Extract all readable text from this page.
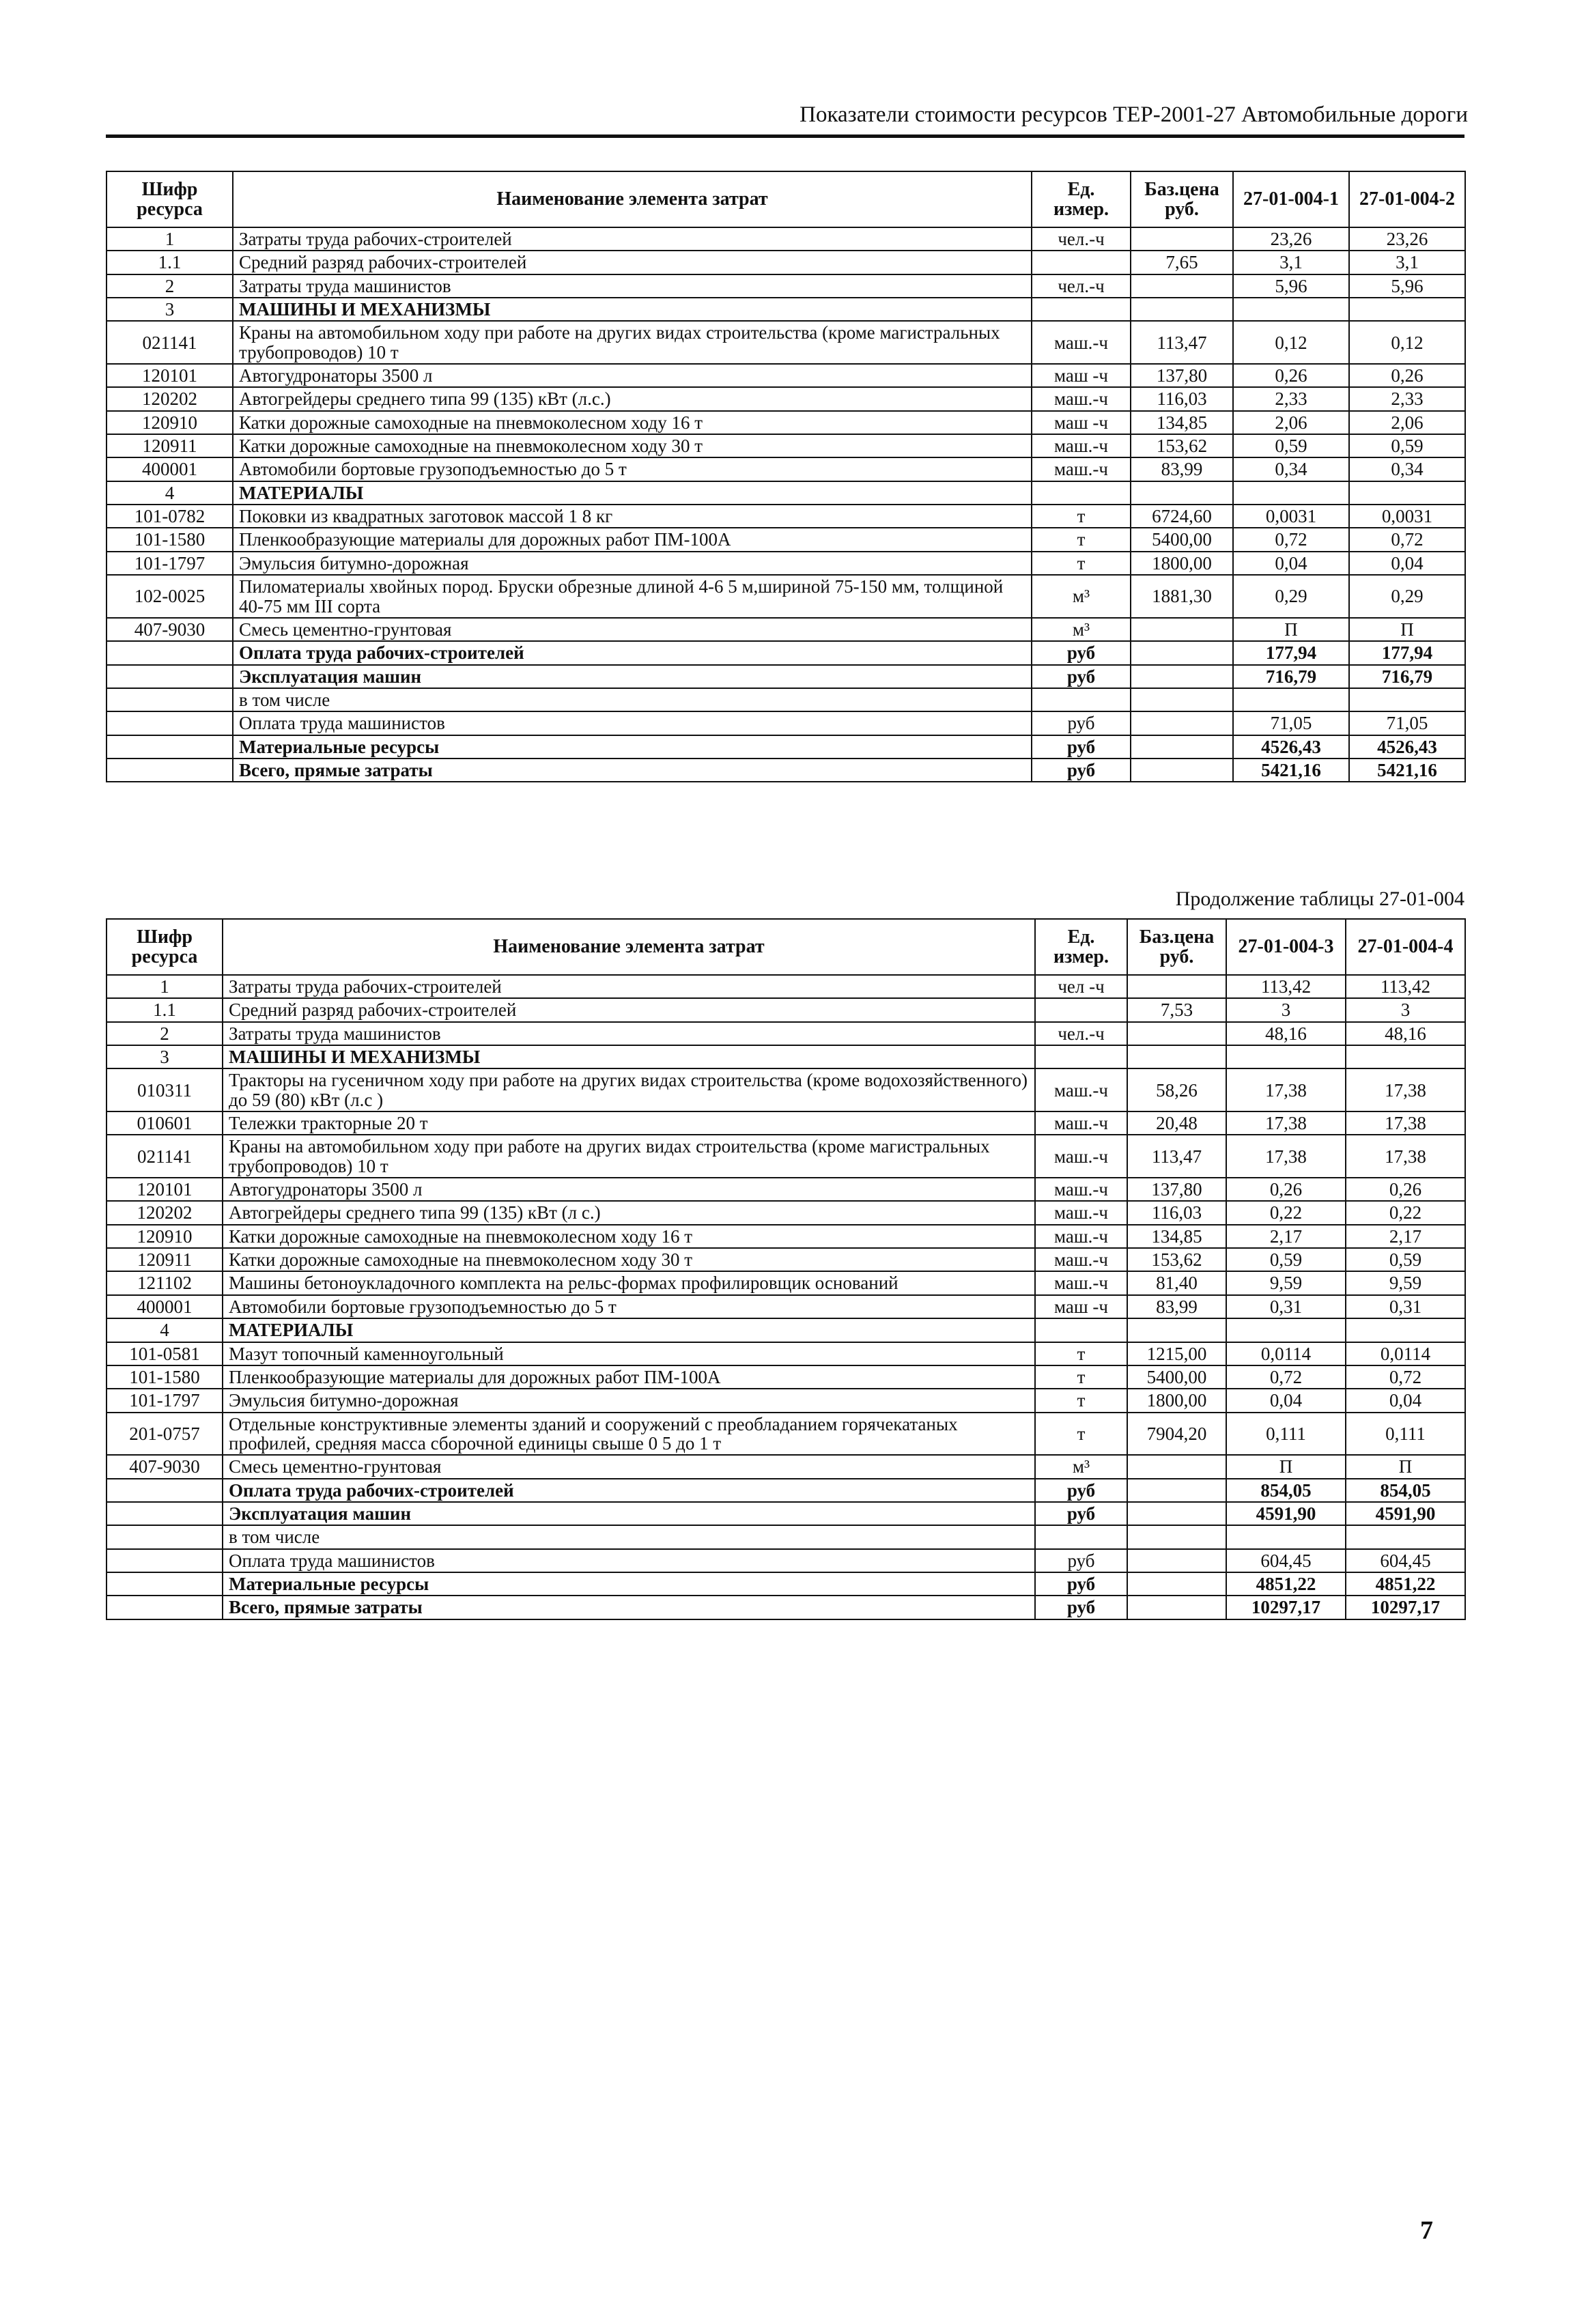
Показатели стоимости ресурсов ТЕР-2001-27 Автомобильные дороги
Шифр ресурса	Наименование элемента затрат	Ед. измер.	Баз.цена руб.	27-01-004-1	27-01-004-2
1	Затраты труда рабочих-строителей	чел.-ч		23,26	23,26
1.1	Средний разряд рабочих-строителей		7,65	3,1	3,1
2	Затраты труда машинистов	чел.-ч		5,96	5,96
3	МАШИНЫ И МЕХАНИЗМЫ				
021141	Краны на автомобильном ходу при работе на других видах строительства (кроме магистральных трубопроводов) 10 т	маш.-ч	113,47	0,12	0,12
120101	Автогудронаторы 3500 л	маш -ч	137,80	0,26	0,26
120202	Автогрейдеры среднего типа 99 (135) кВт (л.с.)	маш.-ч	116,03	2,33	2,33
120910	Катки дорожные самоходные на пневмоколесном ходу 16 т	маш -ч	134,85	2,06	2,06
120911	Катки дорожные самоходные на пневмоколесном ходу 30 т	маш.-ч	153,62	0,59	0,59
400001	Автомобили бортовые грузоподъемностью до 5 т	маш.-ч	83,99	0,34	0,34
4	МАТЕРИАЛЫ				
101-0782	Поковки из квадратных заготовок массой 1 8 кг	т	6724,60	0,0031	0,0031
101-1580	Пленкообразующие материалы для дорожных работ ПМ-100А	т	5400,00	0,72	0,72
101-1797	Эмульсия битумно-дорожная	т	1800,00	0,04	0,04
102-0025	Пиломатериалы хвойных пород. Бруски обрезные длиной 4-6 5 м,шириной 75-150 мм, толщиной 40-75 мм III сорта	м³	1881,30	0,29	0,29
407-9030	Смесь цементно-грунтовая	м³		П	П
	Оплата труда рабочих-строителей	руб		177,94	177,94
	Эксплуатация машин	руб		716,79	716,79
	в том числе				
	Оплата труда машинистов	руб		71,05	71,05
	Материальные ресурсы	руб		4526,43	4526,43
	Всего, прямые затраты	руб		5421,16	5421,16
Продолжение таблицы 27-01-004
Шифр ресурса	Наименование элемента затрат	Ед. измер.	Баз.цена руб.	27-01-004-3	27-01-004-4
1	Затраты труда рабочих-строителей	чел -ч		113,42	113,42
1.1	Средний разряд рабочих-строителей		7,53	3	3
2	Затраты труда машинистов	чел.-ч		48,16	48,16
3	МАШИНЫ И МЕХАНИЗМЫ				
010311	Тракторы на гусеничном ходу при работе на других видах строительства (кроме водохозяйственного) до 59 (80) кВт (л.с )	маш.-ч	58,26	17,38	17,38
010601	Тележки тракторные 20 т	маш.-ч	20,48	17,38	17,38
021141	Краны на автомобильном ходу при работе на других видах строительства (кроме магистральных трубопроводов) 10 т	маш.-ч	113,47	17,38	17,38
120101	Автогудронаторы 3500 л	маш.-ч	137,80	0,26	0,26
120202	Автогрейдеры среднего типа 99 (135) кВт (л с.)	маш.-ч	116,03	0,22	0,22
120910	Катки дорожные самоходные на пневмоколесном ходу 16 т	маш.-ч	134,85	2,17	2,17
120911	Катки дорожные самоходные на пневмоколесном ходу 30 т	маш.-ч	153,62	0,59	0,59
121102	Машины бетоноукладочного комплекта на рельс-формах профилировщик оснований	маш.-ч	81,40	9,59	9,59
400001	Автомобили бортовые грузоподъемностью до 5 т	маш -ч	83,99	0,31	0,31
4	МАТЕРИАЛЫ				
101-0581	Мазут топочный каменноугольный	т	1215,00	0,0114	0,0114
101-1580	Пленкообразующие материалы для дорожных работ ПМ-100А	т	5400,00	0,72	0,72
101-1797	Эмульсия битумно-дорожная	т	1800,00	0,04	0,04
201-0757	Отдельные конструктивные элементы зданий и сооружений с преобладанием горячекатаных профилей, средняя масса сборочной единицы свыше 0 5 до 1 т	т	7904,20	0,111	0,111
407-9030	Смесь цементно-грунтовая	м³		П	П
	Оплата труда рабочих-строителей	руб		854,05	854,05
	Эксплуатация машин	руб		4591,90	4591,90
	в том числе				
	Оплата труда машинистов	руб		604,45	604,45
	Материальные ресурсы	руб		4851,22	4851,22
	Всего, прямые затраты	руб		10297,17	10297,17
7
